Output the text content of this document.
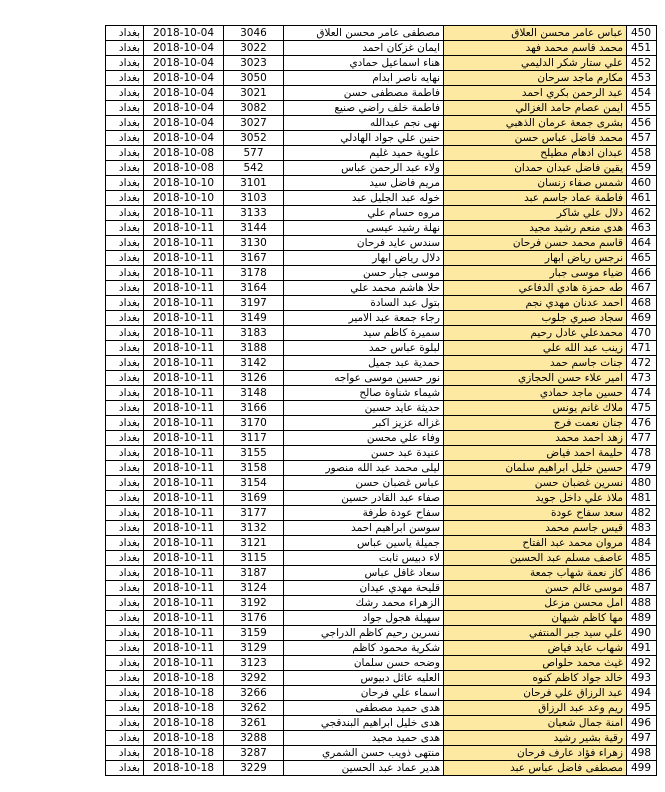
بغداد	2018-10-04	3046	مصطفى عامر محسن العلاق	عباس عامر محسن العلاق	450
بغداد	2018-10-04	3022	ايمان غزكان احمد	محمد قاسم محمد فهد	451
بغداد	2018-10-04	3023	هناء اسماعيل حمادي	علي ستار شكر الدليمي	452
بغداد	2018-10-04	3050	نهايه ناصر ابدام	مكارم ماجد سرحان	453
بغداد	2018-10-04	3021	فاطمة مصطفى حسن	عبد الرحمن بكري احمد	454
بغداد	2018-10-04	3082	فاطمة خلف راضي صنيع	ايمن عصام حامد الغزالي	455
بغداد	2018-10-04	3027	نهى نجم عبدالله	بشرى جمعة عرمان الذهبي	456
بغداد	2018-10-04	3052	حنين علي جواد الهادلي	محمد فاضل عباس حسن	457
بغداد	2018-10-08	577	علوية حميد غليم	عبدان ادهام مطيلح	458
بغداد	2018-10-08	542	ولاء عبد الرحمن عباس	يقين فاضل عبدان حمدان	459
بغداد	2018-10-10	3101	مريم فاضل سيد	شمس صفاء زنسان	460
بغداد	2018-10-10	3103	خوله عبد الجليل عبد	فاطمة عماد جاسم عبد	461
بغداد	2018-10-11	3133	مروه حسام علي	دلال علي شاكر	462
بغداد	2018-10-11	3144	نهلة رشيد عيسى	هدى منعم رشيد مجيد	463
بغداد	2018-10-11	3130	سندس عايد فرحان	قاسم محمد حسن فرحان	464
بغداد	2018-10-11	3167	دلال رياض ابهار	نرجس رياض ابهار	465
بغداد	2018-10-11	3178	موسى جبار حسن	ضياء موسى جبار	466
بغداد	2018-10-11	3164	حلا هاشم محمد علي	طه حمزة هادي الدفاعي	467
بغداد	2018-10-11	3197	بتول عبد السادة	احمد عدنان مهدي نجم	468
بغداد	2018-10-11	3149	رجاء جمعة عبد الامير	سجاد صبري جلوب	469
بغداد	2018-10-11	3183	سميرة كاظم سيد	محمدعلي عادل رحيم	470
بغداد	2018-10-11	3188	لبلوة عباس حمد	زينب عبد الله علي	471
بغداد	2018-10-11	3142	حمدية عبد جميل	جنات جاسم حمد	472
بغداد	2018-10-11	3126	نور حسين موسى عواجه	امير علاء حسن الحجازي	473
بغداد	2018-10-11	3148	شيماء شناوة صالح	حسين ماجد حمادي	474
بغداد	2018-10-11	3166	حديثة عايد حسين	ملاك غانم يونس	475
بغداد	2018-10-11	3170	غزاله عزيز اكبر	جنان نعمت فرج	476
بغداد	2018-10-11	3117	وفاء علي محسن	زهد احمد محمد	477
بغداد	2018-10-11	3155	عنيدة عبد حسن	حليمة احمد فياض	478
بغداد	2018-10-11	3158	ليلى محمد عبد الله منصور	حسين خليل ابراهيم سلمان	479
بغداد	2018-10-11	3154	عباس غضبان حسن	نسرين غضبان حسن	480
بغداد	2018-10-11	3169	صفاء عبد القادر حسين	ملاذ علي داخل جويد	481
بغداد	2018-10-11	3177	سفاح عودة طرفة	سعد سفاح عودة	482
بغداد	2018-10-11	3132	سوسن ابراهيم احمد	قيس جاسم محمد	483
بغداد	2018-10-11	3121	جميلة ياسين عباس	مروان محمد عبد الفتاح	484
بغداد	2018-10-11	3115	لاء دبيس ثابت	عاصف مسلم عبد الحسين	485
بغداد	2018-10-11	3187	سعاد غافل عباس	كاز نعمة شهاب جمعة	486
بغداد	2018-10-11	3124	قليحة مهدي عيدان	موسى غالم حسن	487
بغداد	2018-10-11	3192	الزهراء محمد رشك	امل محسن مزعل	488
بغداد	2018-10-11	3176	سهيلة هجول جواد	مها كاظم شيهان	489
بغداد	2018-10-11	3159	نسرين رحيم كاظم الدراجي	علي سيد جبر المنتفي	490
بغداد	2018-10-11	3129	شكرية محمود كاظم	شهاب عايد فياض	491
بغداد	2018-10-11	3123	وضحه حسن سلمان	غيث محمد حلواص	492
بغداد	2018-10-18	3292	العليه عائل دبيوس	خالد جواد كاظم كنوه	493
بغداد	2018-10-18	3266	اسماء علي فرحان	عبد الرزاق علي فرحان	494
بغداد	2018-10-18	3262	هدى حميد مصطفى	ريم وعد عبد الرزاق	495
بغداد	2018-10-18	3261	هدى خليل ابراهيم البندقجي	امنة جمال شعبان	496
بغداد	2018-10-18	3288	هدى حميد مجيد	رقية بشير رشيد	497
بغداد	2018-10-18	3287	منتهى ذويب حسن الشمري	زهراء فؤاد عارف فرحان	498
بغداد	2018-10-18	3229	هدير عماد عبد الحسين	مصطفى فاضل عباس عبد	499
